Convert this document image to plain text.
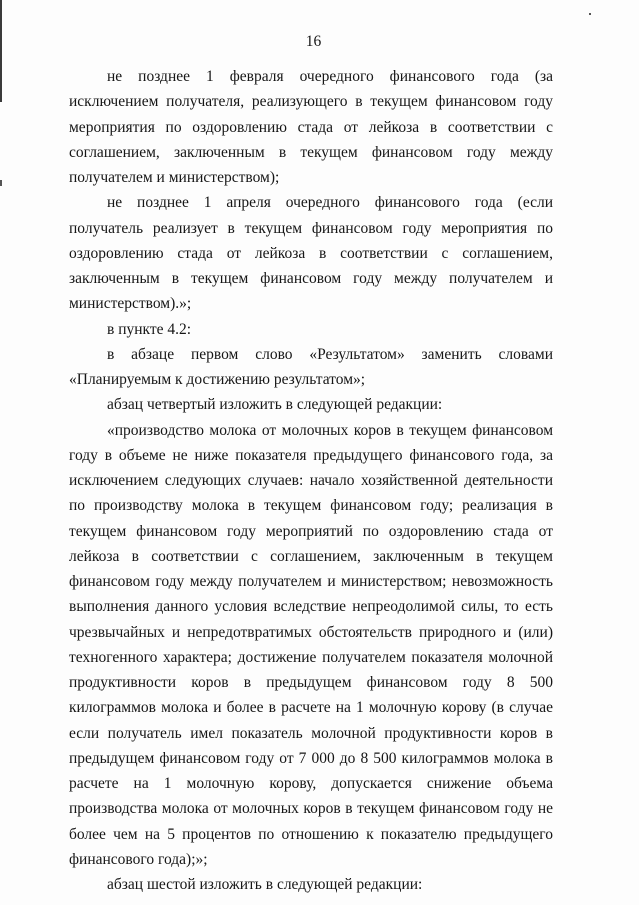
16

не позднее 1 февраля очередного финансового года (за исключением получателя, реализующего в текущем финансовом году мероприятия по оздоровлению стада от лейкоза в соответствии с соглашением, заключенным в текущем финансовом году между получателем и министерством);

не позднее 1 апреля очередного финансового года (если получатель реализует в текущем финансовом году мероприятия по оздоровлению стада от лейкоза в соответствии с соглашением, заключенным в текущем финансовом году между получателем и министерством).»;

в пункте 4.2:

в абзаце первом слово «Результатом» заменить словами «Планируемым к достижению результатом»;

абзац четвертый изложить в следующей редакции:

«производство молока от молочных коров в текущем финансовом году в объеме не ниже показателя предыдущего финансового года, за исключением следующих случаев: начало хозяйственной деятельности по производству молока в текущем финансовом году; реализация в текущем финансовом году мероприятий по оздоровлению стада от лейкоза в соответствии с соглашением, заключенным в текущем финансовом году между получателем и министерством; невозможность выполнения данного условия вследствие непреодолимой силы, то есть чрезвычайных и непредотвратимых обстоятельств природного и (или) техногенного характера; достижение получателем показателя молочной продуктивности коров в предыдущем финансовом году 8 500 килограммов молока и более в расчете на 1 молочную корову (в случае если получатель имел показатель молочной продуктивности коров в предыдущем финансовом году от 7 000 до 8 500 килограммов молока в расчете на 1 молочную корову, допускается снижение объема производства молока от молочных коров в текущем финансовом году не более чем на 5 процентов по отношению к показателю предыдущего финансового года);»;

абзац шестой изложить в следующей редакции:
